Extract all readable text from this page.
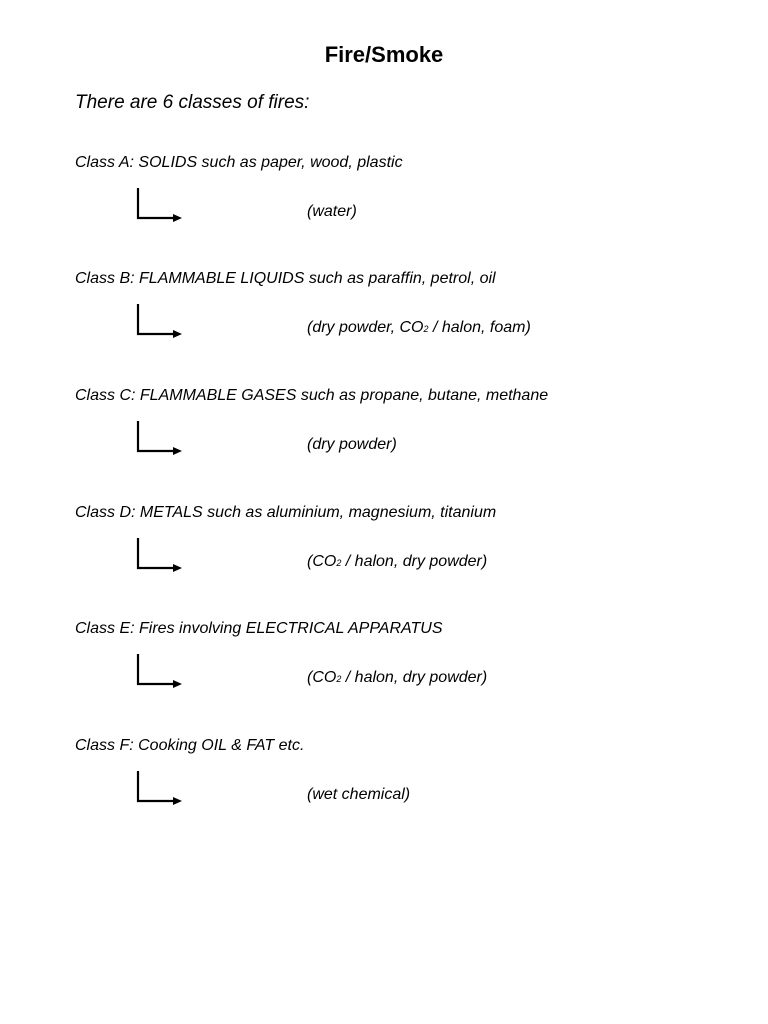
Fire/Smoke

There are 6 classes of fires:

Class A: SOLIDS such as paper, wood, plastic

(water)

Class B: FLAMMABLE LIQUIDS such as paraffin, petrol, oil

(dry powder, CO2 / halon, foam)

Class C: FLAMMABLE GASES such as propane, butane, methane

(dry powder)

Class D: METALS such as aluminium, magnesium, titanium

(CO2 / halon, dry powder)

Class E: Fires involving ELECTRICAL APPARATUS

(CO2 / halon, dry powder)

Class F: Cooking OIL & FAT etc.

(wet chemical)
